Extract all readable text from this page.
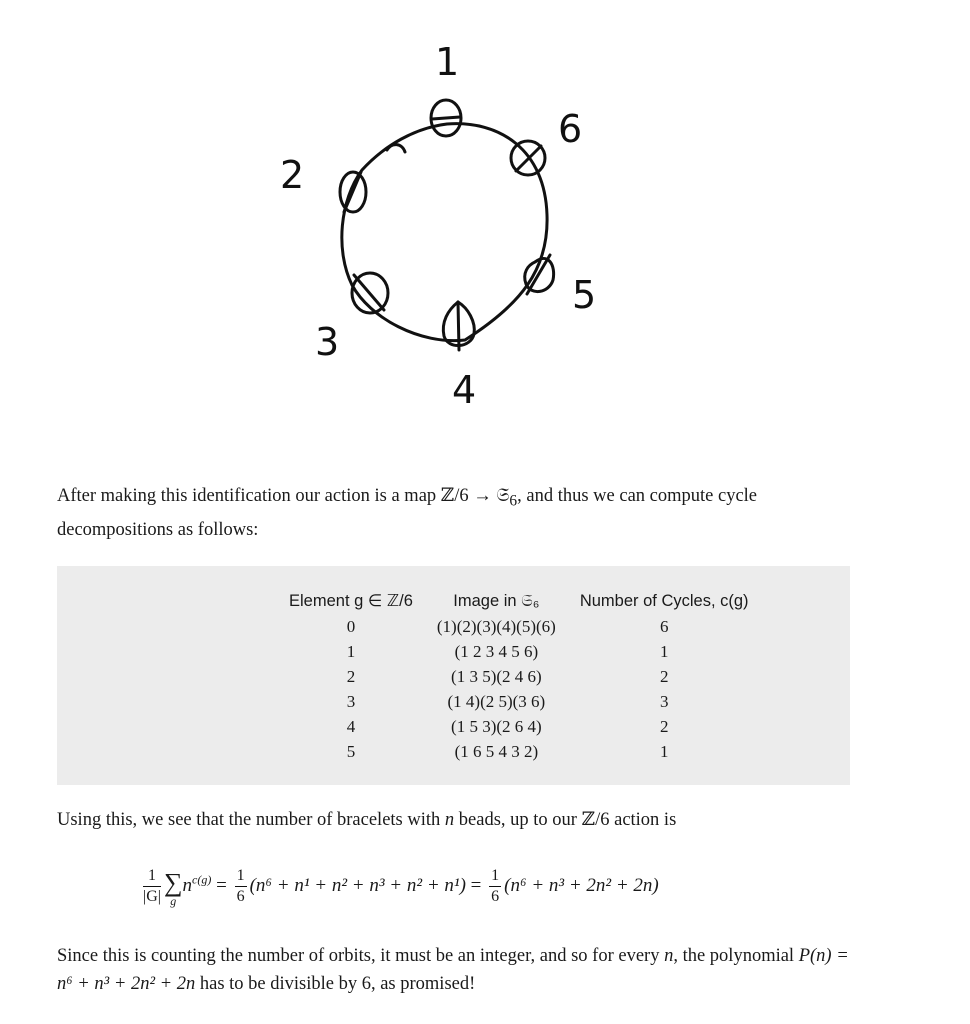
1
6
5
4
3
2

After making this identification our action is a map ℤ/6 → 𝔖$_6$, and thus we can compute cycle decompositions as follows:

Element g ∈ ℤ/6	Image in 𝔖₆	Number of Cycles, c(g)
0	(1)(2)(3)(4)(5)(6)	6
1	(1 2 3 4 5 6)	1
2	(1 3 5)(2 4 6)	2
3	(1 4)(2 5)(3 6)	3
4	(1 5 3)(2 6 4)	2
5	(1 6 5 4 3 2)	1

Using this, we see that the number of bracelets with n beads, up to our ℤ/6 action is

$\frac{1}{|G|}$ ∑
g
$n^{c(g)} = \frac{1}{6} (n^6 + n^1 + n^2 + n^3 + n^2 + n^1) = \frac{1}{6} (n^6 + n^3 + 2n^2 + 2n)$

Since this is counting the number of orbits, it must be an integer, and so for every n, the polynomial P(n) = n⁶ + n³ + 2n² + 2n has to be divisible by 6, as promised!
